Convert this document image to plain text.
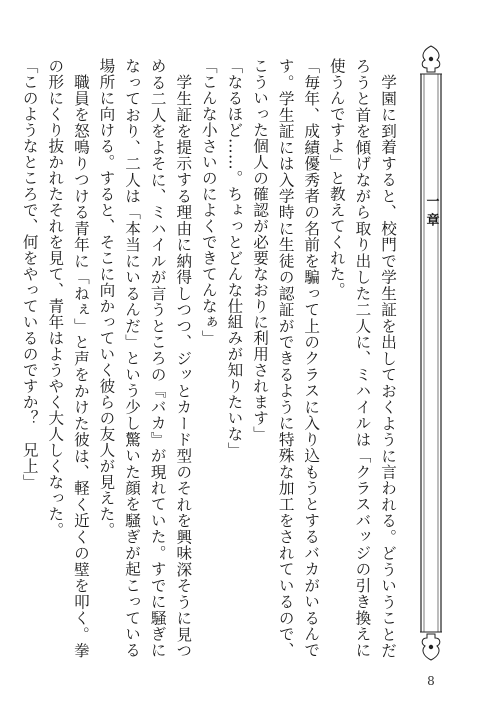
一章

学園に到着すると、校門で学生証を出しておくように言われる。どういうことだろうと首を傾げながら取り出した二人に、ミハイルは「クラスバッジの引き換えに使うんですよ」と教えてくれた。

「毎年、成績優秀者の名前を騙って上のクラスに入り込もうとするバカがいるんです。学生証には入学時に生徒の認証ができるように特殊な加工をされているので、こういった個人の確認が必要なおりに利用されます」

「なるほど……。ちょっとどんな仕組みが知りたいな」

「こんな小さいのによくできてんなぁ」

学生証を提示する理由に納得しつつ、ジッとカード型のそれを興味深そうに見つめる二人をよそに、ミハイルが言うところの『バカ』が現れていた。すでに騒ぎになっており、二人は「本当にいるんだ」という少し驚いた顔を騒ぎが起こっている場所に向ける。すると、そこに向かっていく彼らの友人が見えた。

職員を怒鳴りつける青年に「ねぇ」と声をかけた彼は、軽く近くの壁を叩く。拳の形にくり抜かれたそれを見て、青年はようやく大人しくなった。

「このようなところで、何をやっているのですか？　兄上」

8
